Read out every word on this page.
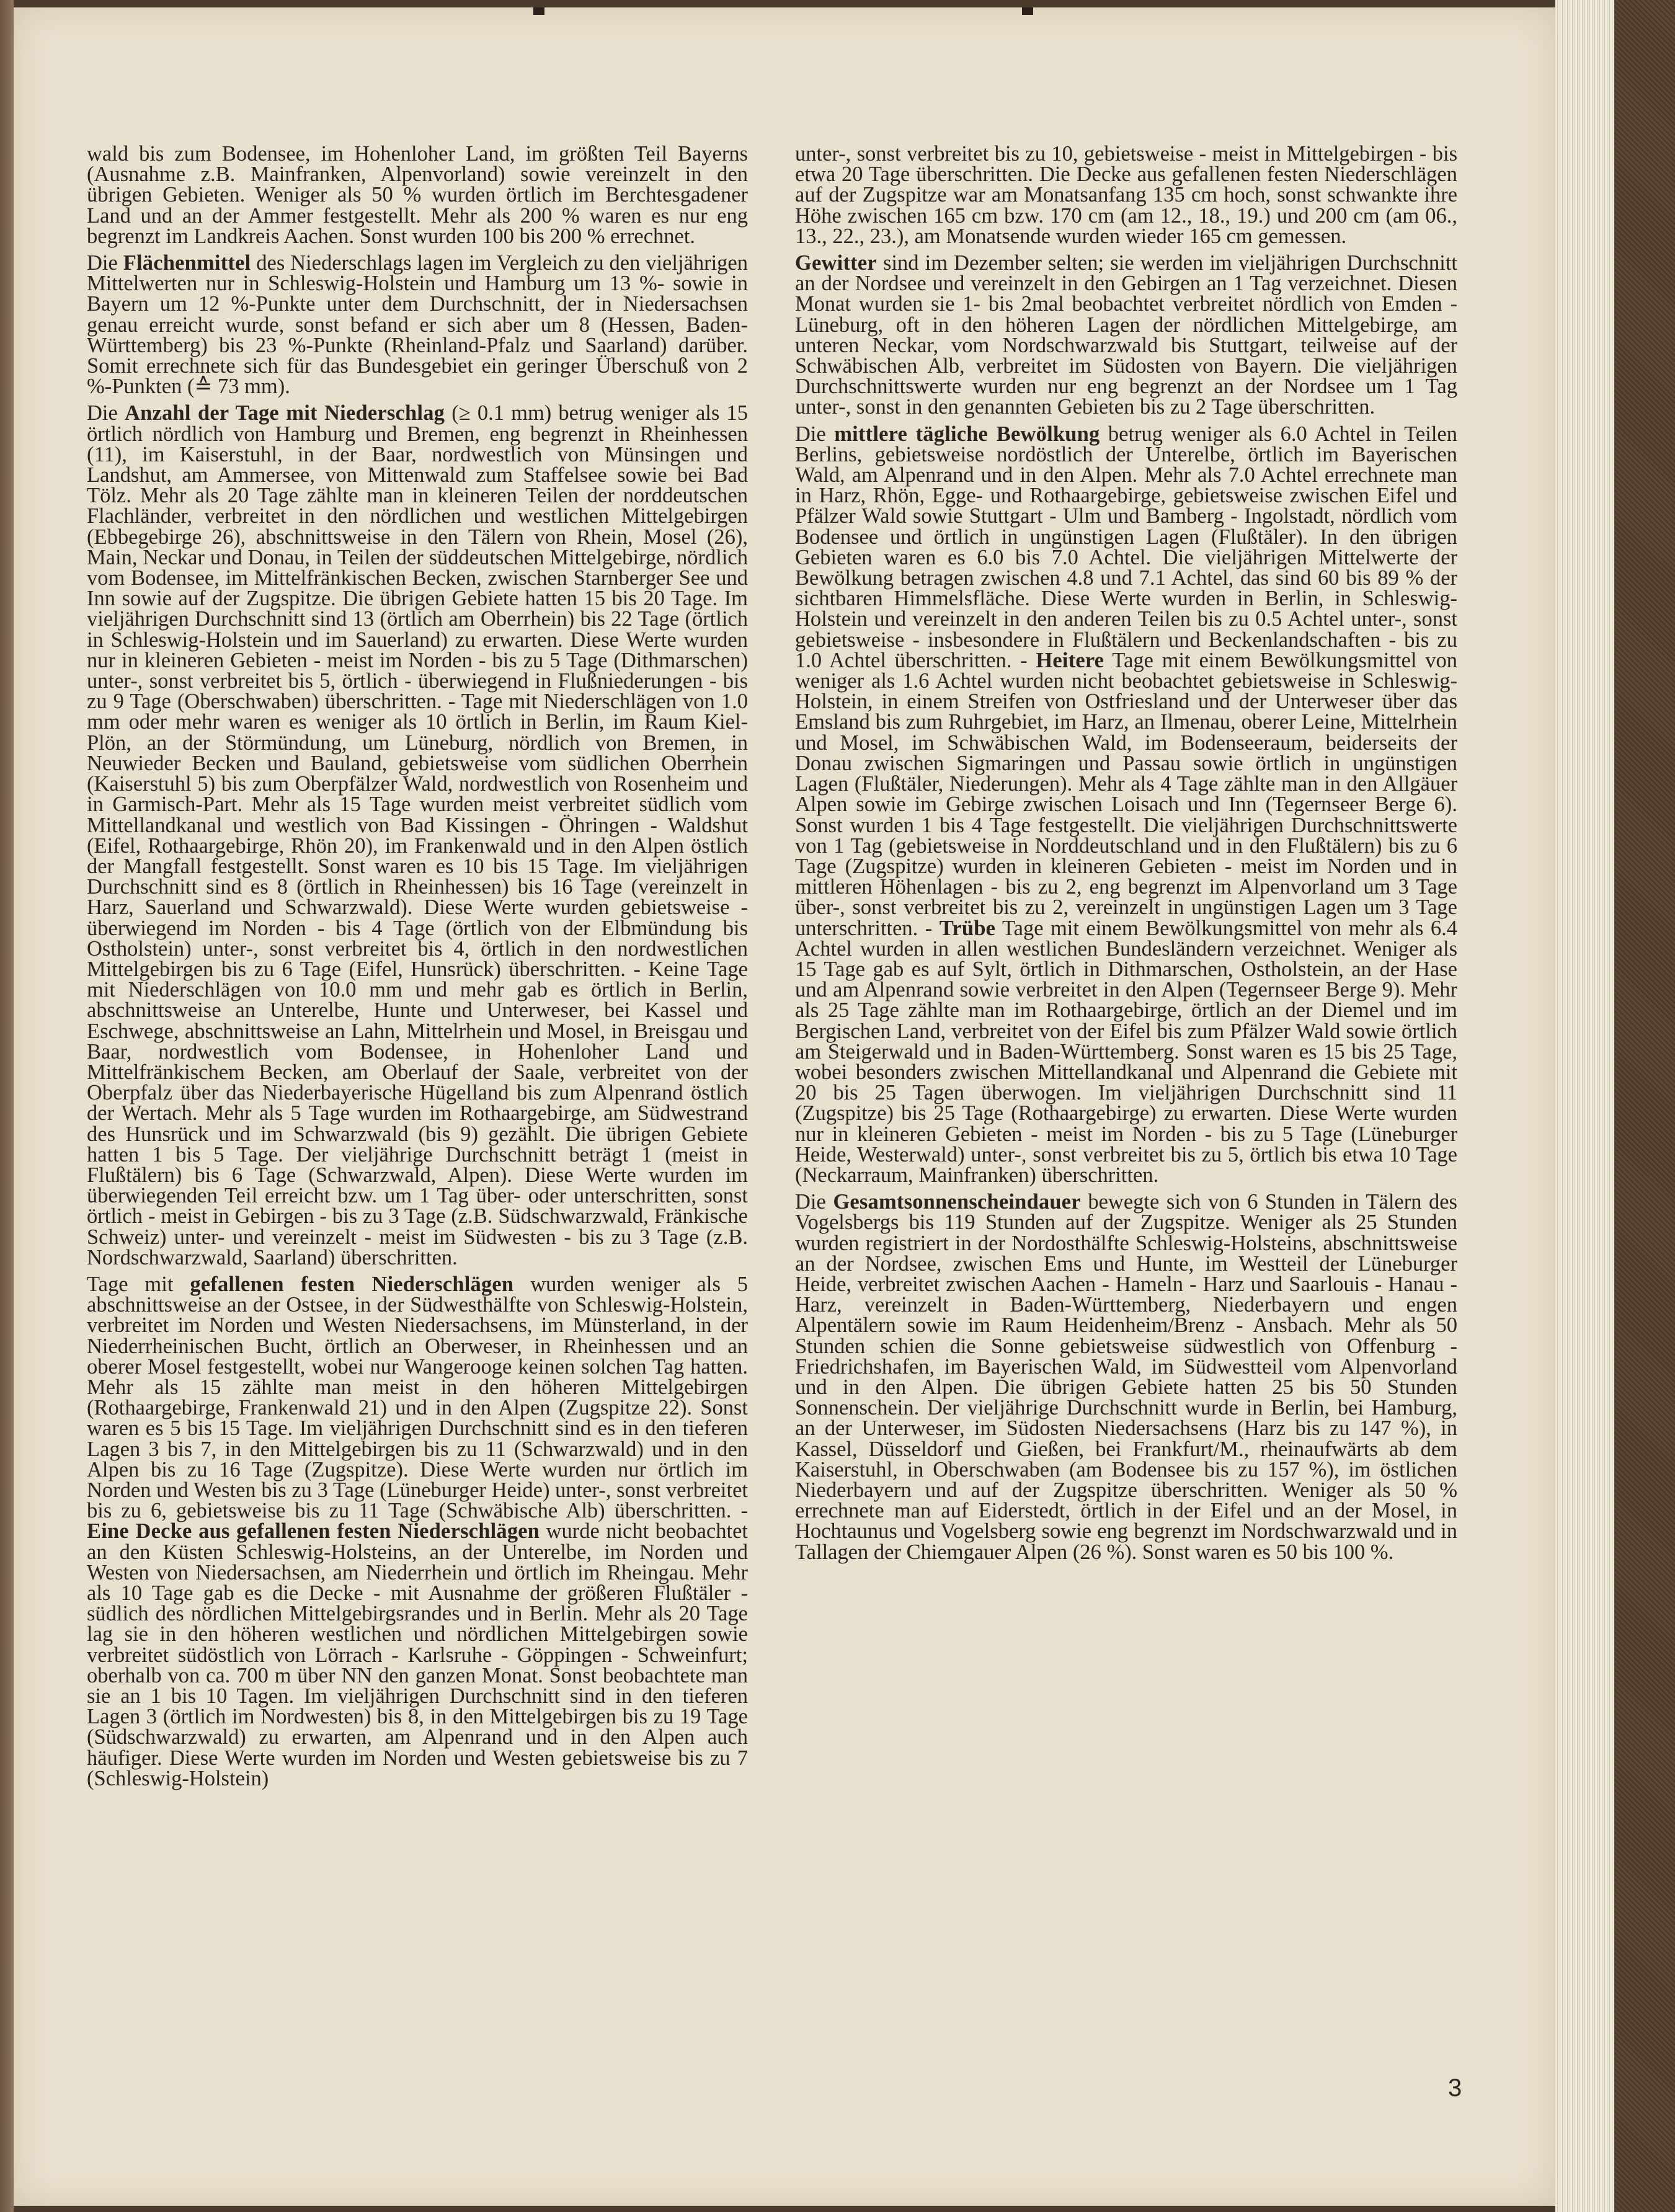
wald bis zum Bodensee, im Hohenloher Land, im größten Teil Bayerns (Ausnahme z.B. Mainfranken, Alpenvorland) sowie vereinzelt in den übrigen Gebieten. Weniger als 50 % wurden örtlich im Berchtesgadener Land und an der Ammer festgestellt. Mehr als 200 % waren es nur eng begrenzt im Landkreis Aachen. Sonst wurden 100 bis 200 % errechnet.

Die Flächenmittel des Niederschlags lagen im Vergleich zu den vieljährigen Mittelwerten nur in Schleswig-Holstein und Hamburg um 13 %- sowie in Bayern um 12 %-Punkte unter dem Durchschnitt, der in Niedersachsen genau erreicht wurde, sonst befand er sich aber um 8 (Hessen, Baden-Württemberg) bis 23 %-Punkte (Rheinland-Pfalz und Saarland) darüber. Somit errechnete sich für das Bundesgebiet ein geringer Überschuß von 2 %-Punkten (≙ 73 mm).

Die Anzahl der Tage mit Niederschlag (≥ 0.1 mm) betrug weniger als 15 örtlich nördlich von Hamburg und Bremen, eng begrenzt in Rheinhessen (11), im Kaiserstuhl, in der Baar, nordwestlich von Münsingen und Landshut, am Ammersee, von Mittenwald zum Staffelsee sowie bei Bad Tölz. Mehr als 20 Tage zählte man in kleineren Teilen der norddeutschen Flachländer, verbreitet in den nördlichen und westlichen Mittelgebirgen (Ebbegebirge 26), abschnittsweise in den Tälern von Rhein, Mosel (26), Main, Neckar und Donau, in Teilen der süddeutschen Mittelgebirge, nördlich vom Bodensee, im Mittelfränkischen Becken, zwischen Starnberger See und Inn sowie auf der Zugspitze. Die übrigen Gebiete hatten 15 bis 20 Tage. Im vieljährigen Durchschnitt sind 13 (örtlich am Oberrhein) bis 22 Tage (örtlich in Schleswig-Holstein und im Sauerland) zu erwarten. Diese Werte wurden nur in kleineren Gebieten - meist im Norden - bis zu 5 Tage (Dithmarschen) unter-, sonst verbreitet bis 5, örtlich - überwiegend in Flußniederungen - bis zu 9 Tage (Oberschwaben) überschritten. - Tage mit Niederschlägen von 1.0 mm oder mehr waren es weniger als 10 örtlich in Berlin, im Raum Kiel-Plön, an der Störmündung, um Lüneburg, nördlich von Bremen, in Neuwieder Becken und Bauland, gebietsweise vom südlichen Oberrhein (Kaiserstuhl 5) bis zum Oberpfälzer Wald, nordwestlich von Rosenheim und in Garmisch-Part. Mehr als 15 Tage wurden meist verbreitet südlich vom Mittellandkanal und westlich von Bad Kissingen - Öhringen - Waldshut (Eifel, Rothaargebirge, Rhön 20), im Frankenwald und in den Alpen östlich der Mangfall festgestellt. Sonst waren es 10 bis 15 Tage. Im vieljährigen Durchschnitt sind es 8 (örtlich in Rheinhessen) bis 16 Tage (vereinzelt in Harz, Sauerland und Schwarzwald). Diese Werte wurden gebietsweise - überwiegend im Norden - bis 4 Tage (örtlich von der Elbmündung bis Ostholstein) unter-, sonst verbreitet bis 4, örtlich in den nordwestlichen Mittelgebirgen bis zu 6 Tage (Eifel, Hunsrück) überschritten. - Keine Tage mit Niederschlägen von 10.0 mm und mehr gab es örtlich in Berlin, abschnittsweise an Unterelbe, Hunte und Unterweser, bei Kassel und Eschwege, abschnittsweise an Lahn, Mittelrhein und Mosel, in Breisgau und Baar, nordwestlich vom Bodensee, in Hohenloher Land und Mittelfränkischem Becken, am Oberlauf der Saale, verbreitet von der Oberpfalz über das Niederbayerische Hügelland bis zum Alpenrand östlich der Wertach. Mehr als 5 Tage wurden im Rothaargebirge, am Südwestrand des Hunsrück und im Schwarzwald (bis 9) gezählt. Die übrigen Gebiete hatten 1 bis 5 Tage. Der vieljährige Durchschnitt beträgt 1 (meist in Flußtälern) bis 6 Tage (Schwarzwald, Alpen). Diese Werte wurden im überwiegenden Teil erreicht bzw. um 1 Tag über- oder unterschritten, sonst örtlich - meist in Gebirgen - bis zu 3 Tage (z.B. Südschwarzwald, Fränkische Schweiz) unter- und vereinzelt - meist im Südwesten - bis zu 3 Tage (z.B. Nordschwarzwald, Saarland) überschritten.

Tage mit gefallenen festen Niederschlägen wurden weniger als 5 abschnittsweise an der Ostsee, in der Südwesthälfte von Schleswig-Holstein, verbreitet im Norden und Westen Niedersachsens, im Münsterland, in der Niederrheinischen Bucht, örtlich an Oberweser, in Rheinhessen und an oberer Mosel festgestellt, wobei nur Wangerooge keinen solchen Tag hatten. Mehr als 15 zählte man meist in den höheren Mittelgebirgen (Rothaargebirge, Frankenwald 21) und in den Alpen (Zugspitze 22). Sonst waren es 5 bis 15 Tage. Im vieljährigen Durchschnitt sind es in den tieferen Lagen 3 bis 7, in den Mittelgebirgen bis zu 11 (Schwarzwald) und in den Alpen bis zu 16 Tage (Zugspitze). Diese Werte wurden nur örtlich im Norden und Westen bis zu 3 Tage (Lüneburger Heide) unter-, sonst verbreitet bis zu 6, gebietsweise bis zu 11 Tage (Schwäbische Alb) überschritten. - Eine Decke aus gefallenen festen Niederschlägen wurde nicht beobachtet an den Küsten Schleswig-Holsteins, an der Unterelbe, im Norden und Westen von Niedersachsen, am Niederrhein und örtlich im Rheingau. Mehr als 10 Tage gab es die Decke - mit Ausnahme der größeren Flußtäler - südlich des nördlichen Mittelgebirgsrandes und in Berlin. Mehr als 20 Tage lag sie in den höheren westlichen und nördlichen Mittelgebirgen sowie verbreitet südöstlich von Lörrach - Karlsruhe - Göppingen - Schweinfurt; oberhalb von ca. 700 m über NN den ganzen Monat. Sonst beobachtete man sie an 1 bis 10 Tagen. Im vieljährigen Durchschnitt sind in den tieferen Lagen 3 (örtlich im Nordwesten) bis 8, in den Mittelgebirgen bis zu 19 Tage (Südschwarzwald) zu erwarten, am Alpenrand und in den Alpen auch häufiger. Diese Werte wurden im Norden und Westen gebietsweise bis zu 7 (Schleswig-Holstein)

unter-, sonst verbreitet bis zu 10, gebietsweise - meist in Mittelgebirgen - bis etwa 20 Tage überschritten. Die Decke aus gefallenen festen Niederschlägen auf der Zugspitze war am Monatsanfang 135 cm hoch, sonst schwankte ihre Höhe zwischen 165 cm bzw. 170 cm (am 12., 18., 19.) und 200 cm (am 06., 13., 22., 23.), am Monatsende wurden wieder 165 cm gemessen.

Gewitter sind im Dezember selten; sie werden im vieljährigen Durchschnitt an der Nordsee und vereinzelt in den Gebirgen an 1 Tag verzeichnet. Diesen Monat wurden sie 1- bis 2mal beobachtet verbreitet nördlich von Emden - Lüneburg, oft in den höheren Lagen der nördlichen Mittelgebirge, am unteren Neckar, vom Nordschwarzwald bis Stuttgart, teilweise auf der Schwäbischen Alb, verbreitet im Südosten von Bayern. Die vieljährigen Durchschnittswerte wurden nur eng begrenzt an der Nordsee um 1 Tag unter-, sonst in den genannten Gebieten bis zu 2 Tage überschritten.

Die mittlere tägliche Bewölkung betrug weniger als 6.0 Achtel in Teilen Berlins, gebietsweise nordöstlich der Unterelbe, örtlich im Bayerischen Wald, am Alpenrand und in den Alpen. Mehr als 7.0 Achtel errechnete man in Harz, Rhön, Egge- und Rothaargebirge, gebietsweise zwischen Eifel und Pfälzer Wald sowie Stuttgart - Ulm und Bamberg - Ingolstadt, nördlich vom Bodensee und örtlich in ungünstigen Lagen (Flußtäler). In den übrigen Gebieten waren es 6.0 bis 7.0 Achtel. Die vieljährigen Mittelwerte der Bewölkung betragen zwischen 4.8 und 7.1 Achtel, das sind 60 bis 89 % der sichtbaren Himmelsfläche. Diese Werte wurden in Berlin, in Schleswig-Holstein und vereinzelt in den anderen Teilen bis zu 0.5 Achtel unter-, sonst gebietsweise - insbesondere in Flußtälern und Beckenlandschaften - bis zu 1.0 Achtel überschritten. - Heitere Tage mit einem Bewölkungsmittel von weniger als 1.6 Achtel wurden nicht beobachtet gebietsweise in Schleswig-Holstein, in einem Streifen von Ostfriesland und der Unterweser über das Emsland bis zum Ruhrgebiet, im Harz, an Ilmenau, oberer Leine, Mittelrhein und Mosel, im Schwäbischen Wald, im Bodenseeraum, beiderseits der Donau zwischen Sigmaringen und Passau sowie örtlich in ungünstigen Lagen (Flußtäler, Niederungen). Mehr als 4 Tage zählte man in den Allgäuer Alpen sowie im Gebirge zwischen Loisach und Inn (Tegernseer Berge 6). Sonst wurden 1 bis 4 Tage festgestellt. Die vieljährigen Durchschnittswerte von 1 Tag (gebietsweise in Norddeutschland und in den Flußtälern) bis zu 6 Tage (Zugspitze) wurden in kleineren Gebieten - meist im Norden und in mittleren Höhenlagen - bis zu 2, eng begrenzt im Alpenvorland um 3 Tage über-, sonst verbreitet bis zu 2, vereinzelt in ungünstigen Lagen um 3 Tage unterschritten. - Trübe Tage mit einem Bewölkungsmittel von mehr als 6.4 Achtel wurden in allen westlichen Bundesländern verzeichnet. Weniger als 15 Tage gab es auf Sylt, örtlich in Dithmarschen, Ostholstein, an der Hase und am Alpenrand sowie verbreitet in den Alpen (Tegernseer Berge 9). Mehr als 25 Tage zählte man im Rothaargebirge, örtlich an der Diemel und im Bergischen Land, verbreitet von der Eifel bis zum Pfälzer Wald sowie örtlich am Steigerwald und in Baden-Württemberg. Sonst waren es 15 bis 25 Tage, wobei besonders zwischen Mittellandkanal und Alpenrand die Gebiete mit 20 bis 25 Tagen überwogen. Im vieljährigen Durchschnitt sind 11 (Zugspitze) bis 25 Tage (Rothaargebirge) zu erwarten. Diese Werte wurden nur in kleineren Gebieten - meist im Norden - bis zu 5 Tage (Lüneburger Heide, Westerwald) unter-, sonst verbreitet bis zu 5, örtlich bis etwa 10 Tage (Neckarraum, Mainfranken) überschritten.

Die Gesamtsonnenscheindauer bewegte sich von 6 Stunden in Tälern des Vogelsbergs bis 119 Stunden auf der Zugspitze. Weniger als 25 Stunden wurden registriert in der Nordosthälfte Schleswig-Holsteins, abschnittsweise an der Nordsee, zwischen Ems und Hunte, im Westteil der Lüneburger Heide, verbreitet zwischen Aachen - Hameln - Harz und Saarlouis - Hanau - Harz, vereinzelt in Baden-Württemberg, Niederbayern und engen Alpentälern sowie im Raum Heidenheim/Brenz - Ansbach. Mehr als 50 Stunden schien die Sonne gebietsweise südwestlich von Offenburg - Friedrichshafen, im Bayerischen Wald, im Südwestteil vom Alpenvorland und in den Alpen. Die übrigen Gebiete hatten 25 bis 50 Stunden Sonnenschein. Der vieljährige Durchschnitt wurde in Berlin, bei Hamburg, an der Unterweser, im Südosten Niedersachsens (Harz bis zu 147 %), in Kassel, Düsseldorf und Gießen, bei Frankfurt/M., rheinaufwärts ab dem Kaiserstuhl, in Oberschwaben (am Bodensee bis zu 157 %), im östlichen Niederbayern und auf der Zugspitze überschritten. Weniger als 50 % errechnete man auf Eiderstedt, örtlich in der Eifel und an der Mosel, in Hochtaunus und Vogelsberg sowie eng begrenzt im Nordschwarzwald und in Tallagen der Chiemgauer Alpen (26 %). Sonst waren es 50 bis 100 %.

3
